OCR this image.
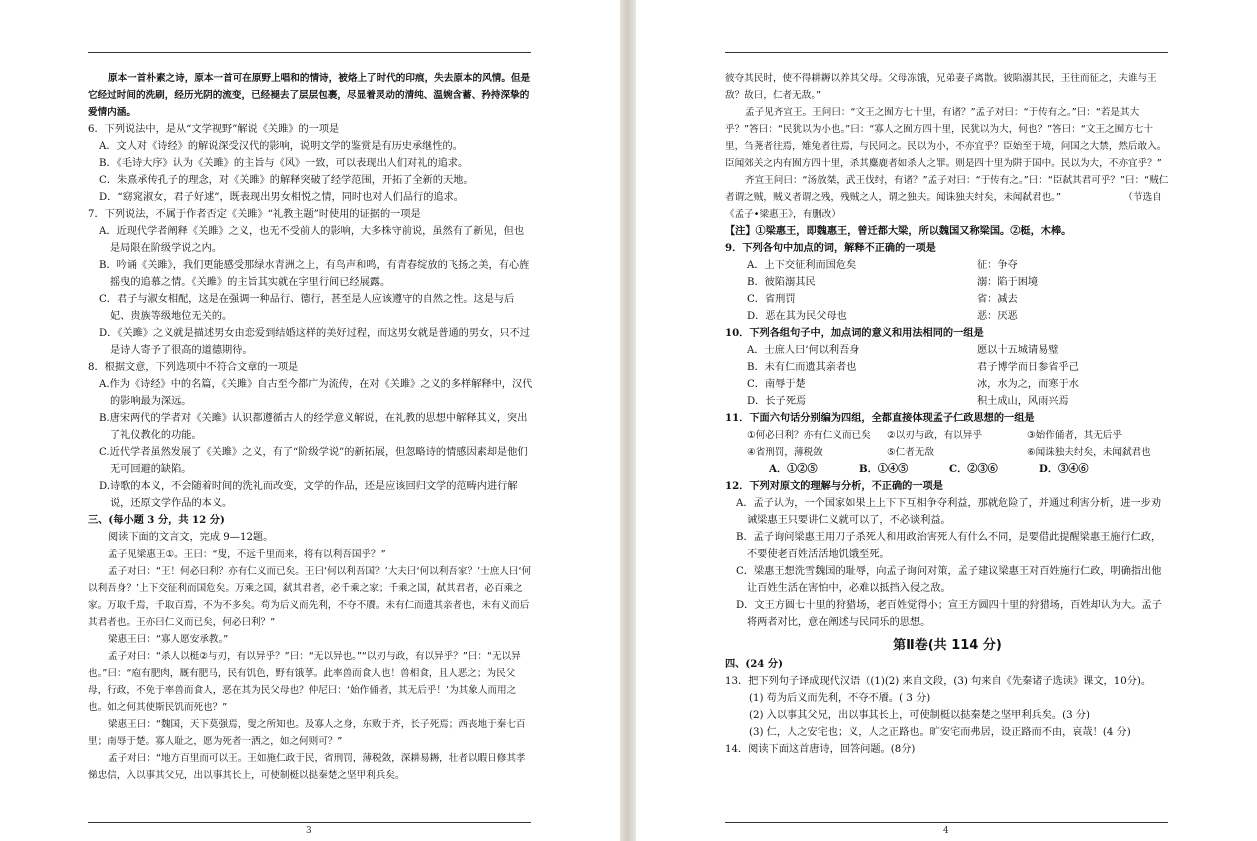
原本一首朴素之诗，原本一首可在原野上唱和的情诗，被烙上了时代的印痕，失去原本的风情。但是它经过时间的洗刷，经历光阴的流变，已经褪去了层层包裹，尽显着灵动的清纯、温婉含蓄、矜持深挚的爱情内涵。

6．下列说法中，是从“文学视野”解说《关雎》的一项是

A．文人对《诗经》的解说深受汉代的影响，说明文学的鉴赏是有历史承继性的。

B．《毛诗大序》认为《关雎》的主旨与《风》一致，可以表现出人们对礼的追求。

C．朱熹承传孔子的理念，对《关雎》的解释突破了经学范围，开拓了全新的天地。

D．“窈窕淑女，君子好逑”，既表现出男女相悦之情，同时也对人们品行的追求。

7．下列说法，不属于作者否定《关雎》“礼教主题”时使用的证据的一项是

A．近现代学者阐释《关雎》之义，也无不受前人的影响，大多株守前说，虽然有了新见，但也是局限在阶级学说之内。

B．吟诵《关雎》，我们更能感受那绿水青洲之上，有鸟声和鸣，有青春绽放的飞扬之美，有心旌摇曳的追慕之情。《关雎》的主旨其实就在字里行间已经展露。

C．君子与淑女相配，这是在强调一种品行、德行，甚至是人应该遵守的自然之性。这是与后妃、贵族等级地位无关的。

D．《关雎》之义就是描述男女由恋爱到结婚这样的美好过程，而这男女就是普通的男女，只不过是诗人寄予了很高的道德期待。

8．根据文意，下列选项中不符合文章的一项是

A.作为《诗经》中的名篇，《关雎》自古至今都广为流传，在对《关雎》之义的多样解释中，汉代的影响最为深远。

B.唐宋两代的学者对《关雎》认识都遵循古人的经学意义解说，在礼教的思想中解释其义，突出了礼仪教化的功能。

C.近代学者虽然发展了《关雎》之义，有了“阶级学说”的新拓展，但忽略诗的情感因素却是他们无可回避的缺陷。

D.诗歌的本义，不会随着时间的洗礼而改变，文学的作品，还是应该回归文学的范畴内进行解说，还原文学作品的本义。

三、(每小题 3 分，共 12 分)

阅读下面的文言文，完成 9—12题。

孟子见梁惠王①。王曰：“叟，不远千里而来，将有以利吾国乎？”

孟子对曰：“王！何必曰利？亦有仁义而已矣。王曰‘何以利吾国？’大夫曰‘何以利吾家？’士庶人曰‘何以利吾身？’上下交征利而国危矣。万乘之国，弑其君者，必千乘之家；千乘之国，弑其君者，必百乘之家。万取千焉，千取百焉，不为不多矣。苟为后义而先利，不夺不餍。未有仁而遗其亲者也，未有义而后其君者也。王亦曰仁义而已矣，何必曰利？”

梁惠王曰：“寡人愿安承教。”

孟子对曰：“杀人以梃②与刃，有以异乎？”曰：“无以异也。”“以刃与政，有以异乎？”曰：“无以异也。”曰：“庖有肥肉，厩有肥马，民有饥色，野有饿莩。此率兽而食人也！兽相食，且人恶之；为民父母，行政，不免于率兽而食人，恶在其为民父母也？仲尼曰：‘始作俑者，其无后乎！’为其象人而用之也。如之何其使斯民饥而死也？”

梁惠王曰：“魏国，天下莫强焉，叟之所知也。及寡人之身，东败于齐，长子死焉；西丧地于秦七百里；南辱于楚。寡人耻之，愿为死者一洒之，如之何则可？”

孟子对曰：“地方百里而可以王。王如施仁政于民，省刑罚，薄税敛，深耕易耨，壮者以暇日修其孝悌忠信，入以事其父兄，出以事其长上，可使制梃以挞秦楚之坚甲利兵矣。

3

彼夺其民时，使不得耕耨以养其父母。父母冻饿，兄弟妻子离散。彼陷溺其民，王往而征之，夫谁与王敌？故曰，仁者无敌。”

孟子见齐宣王。王问曰：“文王之囿方七十里，有诸？”孟子对曰：“于传有之。”曰：“若是其大乎？”答曰：“民犹以为小也。”曰：“寡人之囿方四十里，民犹以为大，何也？”答曰：“文王之囿方七十里，刍荛者往焉，雉兔者往焉，与民同之。民以为小，不亦宜乎？臣始至于境，问国之大禁，然后敢入。臣闻郊关之内有囿方四十里，杀其麋鹿者如杀人之罪。则是四十里为阱于国中。民以为大，不亦宜乎？”

齐宣王问曰：“汤放桀，武王伐纣，有诸？”孟子对曰：“于传有之。”曰：“臣弑其君可乎？”曰：“贼仁者谓之贼，贼义者谓之残，残贼之人，谓之独夫。闻诛独夫纣矣，未闻弑君也。”　　　　　　　（节选自《孟子•梁惠王》，有删改）

【注】①梁惠王，即魏惠王，曾迁都大梁，所以魏国又称梁国。②梃，木棒。

9．下列各句中加点的词，解释不正确的一项是

A．上下交征利而国危矣	征：争夺
B．彼陷溺其民	溺：陷于困境
C．省刑罚	省：减去
D．恶在其为民父母也	恶：厌恶

10．下列各组句子中，加点词的意义和用法相同的一组是

A．士庶人曰‘何以利吾身	愿以十五城请易璧
B．未有仁而遗其亲者也	君子博学而日参省乎己
C．南辱于楚	冰，水为之，而寒于水
D．长子死焉	积土成山，风雨兴焉

11．下面六句话分别编为四组，全都直接体现孟子仁政思想的一组是

①何必曰利？亦有仁义而已矣	②以刃与政，有以异乎	③始作俑者，其无后乎
④省刑罚，薄税敛	⑤仁者无敌	⑥闻诛独夫纣矣，未闻弑君也
A．①②⑤	B．①④⑤	C．②③⑥	D．③④⑥

12．下列对原文的理解与分析，不正确的一项是

A．孟子认为，一个国家如果上上下下互相争夺利益，那就危险了，并通过利害分析，进一步劝诫梁惠王只要讲仁义就可以了，不必谈利益。

B．孟子询问梁惠王用刀子杀死人和用政治害死人有什么不同，是要借此提醒梁惠王施行仁政，不要使老百姓活活地饥饿至死。

C．梁惠王想洗雪魏国的耻辱，向孟子询问对策，孟子建议梁惠王对百姓施行仁政，明确指出他让百姓生活在害怕中，必难以抵挡入侵之敌。

D．文王方圆七十里的狩猎场，老百姓觉得小；宣王方圆四十里的狩猎场，百姓却认为大。孟子将两者对比，意在阐述与民同乐的思想。

第Ⅱ卷(共 114 分)

四、(24 分)

13．把下列句子译成现代汉语（(1)(2) 来自文段，(3) 句来自《先秦诸子选读》课文，10分)。

(1) 苟为后义而先利，不夺不餍。( 3 分)

(2) 入以事其父兄，出以事其长上，可使制梃以挞秦楚之坚甲利兵矣。(3 分)

(3) 仁，人之安宅也；义，人之正路也。旷安宅而弗居，设正路而不由，哀哉！(4 分)

14．阅读下面这首唐诗，回答问题。(8分)

4
